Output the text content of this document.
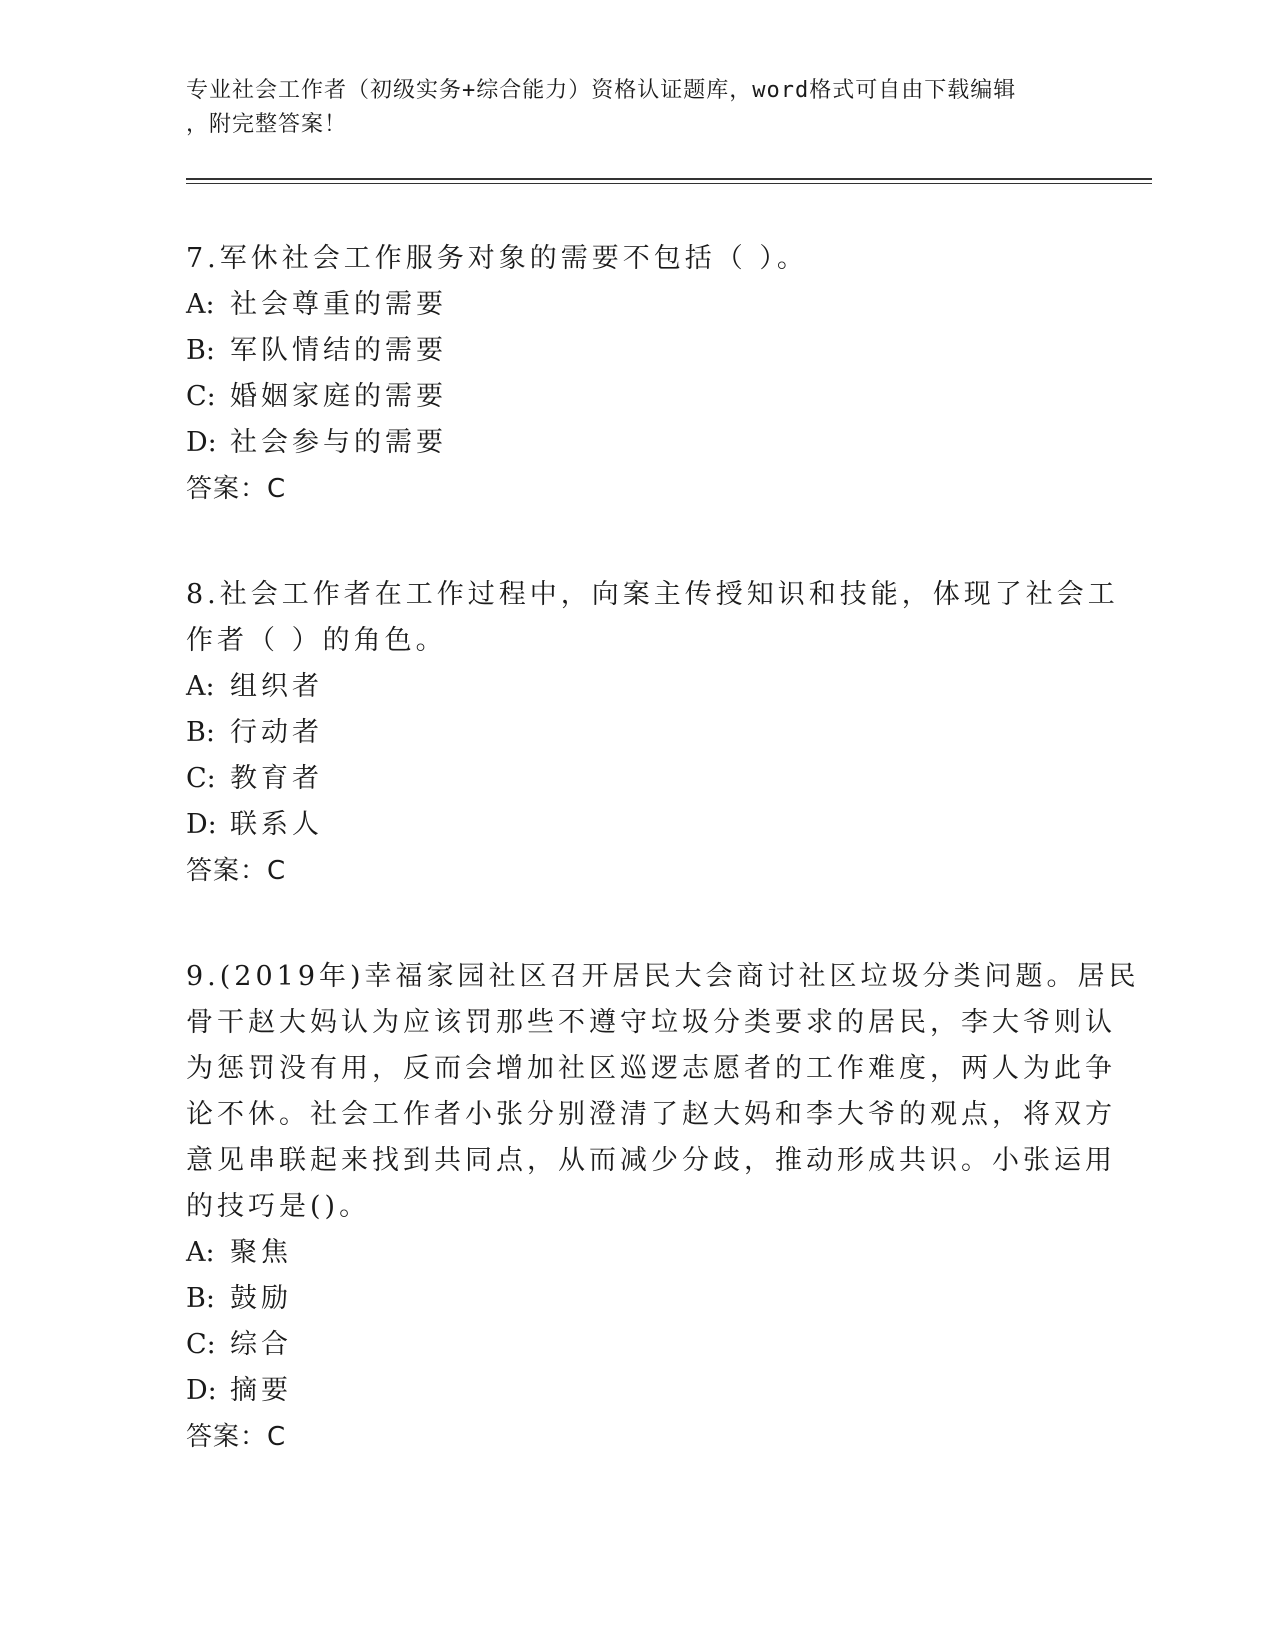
专业社会工作者（初级实务+综合能力）资格认证题库，word格式可自由下载编辑
，附完整答案！
7.军休社会工作服务对象的需要不包括（ ）。
A: 社会尊重的需要
B: 军队情结的需要
C: 婚姻家庭的需要
D: 社会参与的需要
答案：C
8.社会工作者在工作过程中，向案主传授知识和技能，体现了社会工
作者（ ）的角色。
A: 组织者
B: 行动者
C: 教育者
D: 联系人
答案：C
9.(2019年)幸福家园社区召开居民大会商讨社区垃圾分类问题。居民
骨干赵大妈认为应该罚那些不遵守垃圾分类要求的居民，李大爷则认
为惩罚没有用，反而会增加社区巡逻志愿者的工作难度，两人为此争
论不休。社会工作者小张分别澄清了赵大妈和李大爷的观点，将双方
意见串联起来找到共同点，从而减少分歧，推动形成共识。小张运用
的技巧是()。
A: 聚焦
B: 鼓励
C: 综合
D: 摘要
答案：C
